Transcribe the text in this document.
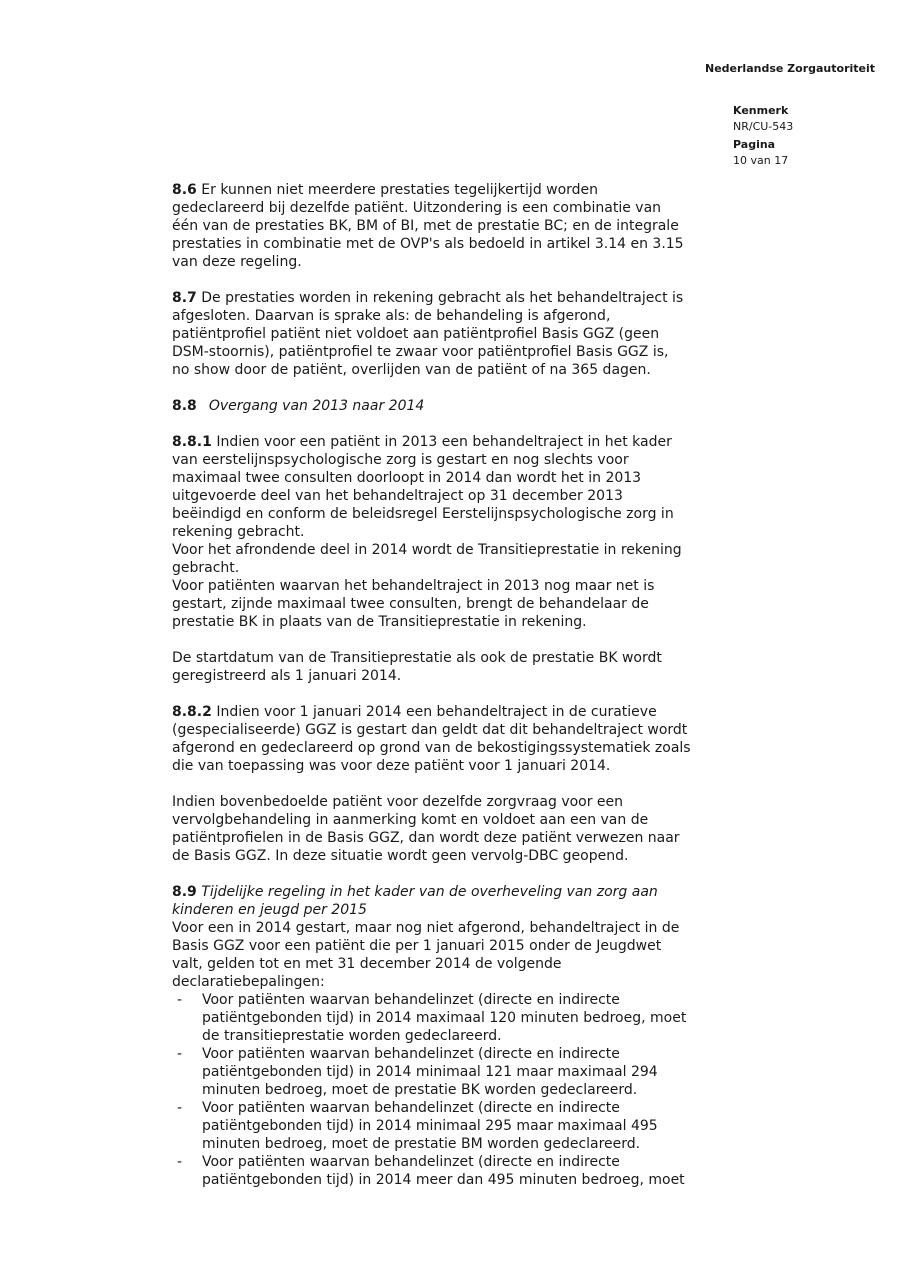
Nederlandse Zorgautoriteit
Kenmerk
NR/CU-543
Pagina
10 van 17
8.6 Er kunnen niet meerdere prestaties tegelijkertijd worden
gedeclareerd bij dezelfde patiënt. Uitzondering is een combinatie van
één van de prestaties BK, BM of BI, met de prestatie BC; en de integrale
prestaties in combinatie met de OVP's als bedoeld in artikel 3.14 en 3.15
van deze regeling.
8.7 De prestaties worden in rekening gebracht als het behandeltraject is
afgesloten. Daarvan is sprake als: de behandeling is afgerond,
patiëntprofiel patiënt niet voldoet aan patiëntprofiel Basis GGZ (geen
DSM-stoornis), patiëntprofiel te zwaar voor patiëntprofiel Basis GGZ is,
no show door de patiënt, overlijden van de patiënt of na 365 dagen.
8.8 Overgang van 2013 naar 2014
8.8.1 Indien voor een patiënt in 2013 een behandeltraject in het kader
van eerstelijnspsychologische zorg is gestart en nog slechts voor
maximaal twee consulten doorloopt in 2014 dan wordt het in 2013
uitgevoerde deel van het behandeltraject op 31 december 2013
beëindigd en conform de beleidsregel Eerstelijnspsychologische zorg in
rekening gebracht.
Voor het afrondende deel in 2014 wordt de Transitieprestatie in rekening
gebracht.
Voor patiënten waarvan het behandeltraject in 2013 nog maar net is
gestart, zijnde maximaal twee consulten, brengt de behandelaar de
prestatie BK in plaats van de Transitieprestatie in rekening.
De startdatum van de Transitieprestatie als ook de prestatie BK wordt
geregistreerd als 1 januari 2014.
8.8.2 Indien voor 1 januari 2014 een behandeltraject in de curatieve
(gespecialiseerde) GGZ is gestart dan geldt dat dit behandeltraject wordt
afgerond en gedeclareerd op grond van de bekostigingssystematiek zoals
die van toepassing was voor deze patiënt voor 1 januari 2014.
Indien bovenbedoelde patiënt voor dezelfde zorgvraag voor een
vervolgbehandeling in aanmerking komt en voldoet aan een van de
patiëntprofielen in de Basis GGZ, dan wordt deze patiënt verwezen naar
de Basis GGZ. In deze situatie wordt geen vervolg-DBC geopend.
8.9 Tijdelijke regeling in het kader van de overheveling van zorg aan
kinderen en jeugd per 2015
Voor een in 2014 gestart, maar nog niet afgerond, behandeltraject in de
Basis GGZ voor een patiënt die per 1 januari 2015 onder de Jeugdwet
valt, gelden tot en met 31 december 2014 de volgende
declaratiebepalingen:
-	Voor patiënten waarvan behandelinzet (directe en indirecte
patiëntgebonden tijd) in 2014 maximaal 120 minuten bedroeg, moet
de transitieprestatie worden gedeclareerd.
-	Voor patiënten waarvan behandelinzet (directe en indirecte
patiëntgebonden tijd) in 2014 minimaal 121 maar maximaal 294
minuten bedroeg, moet de prestatie BK worden gedeclareerd.
-	Voor patiënten waarvan behandelinzet (directe en indirecte
patiëntgebonden tijd) in 2014 minimaal 295 maar maximaal 495
minuten bedroeg, moet de prestatie BM worden gedeclareerd.
-	Voor patiënten waarvan behandelinzet (directe en indirecte
patiëntgebonden tijd) in 2014 meer dan 495 minuten bedroeg, moet
